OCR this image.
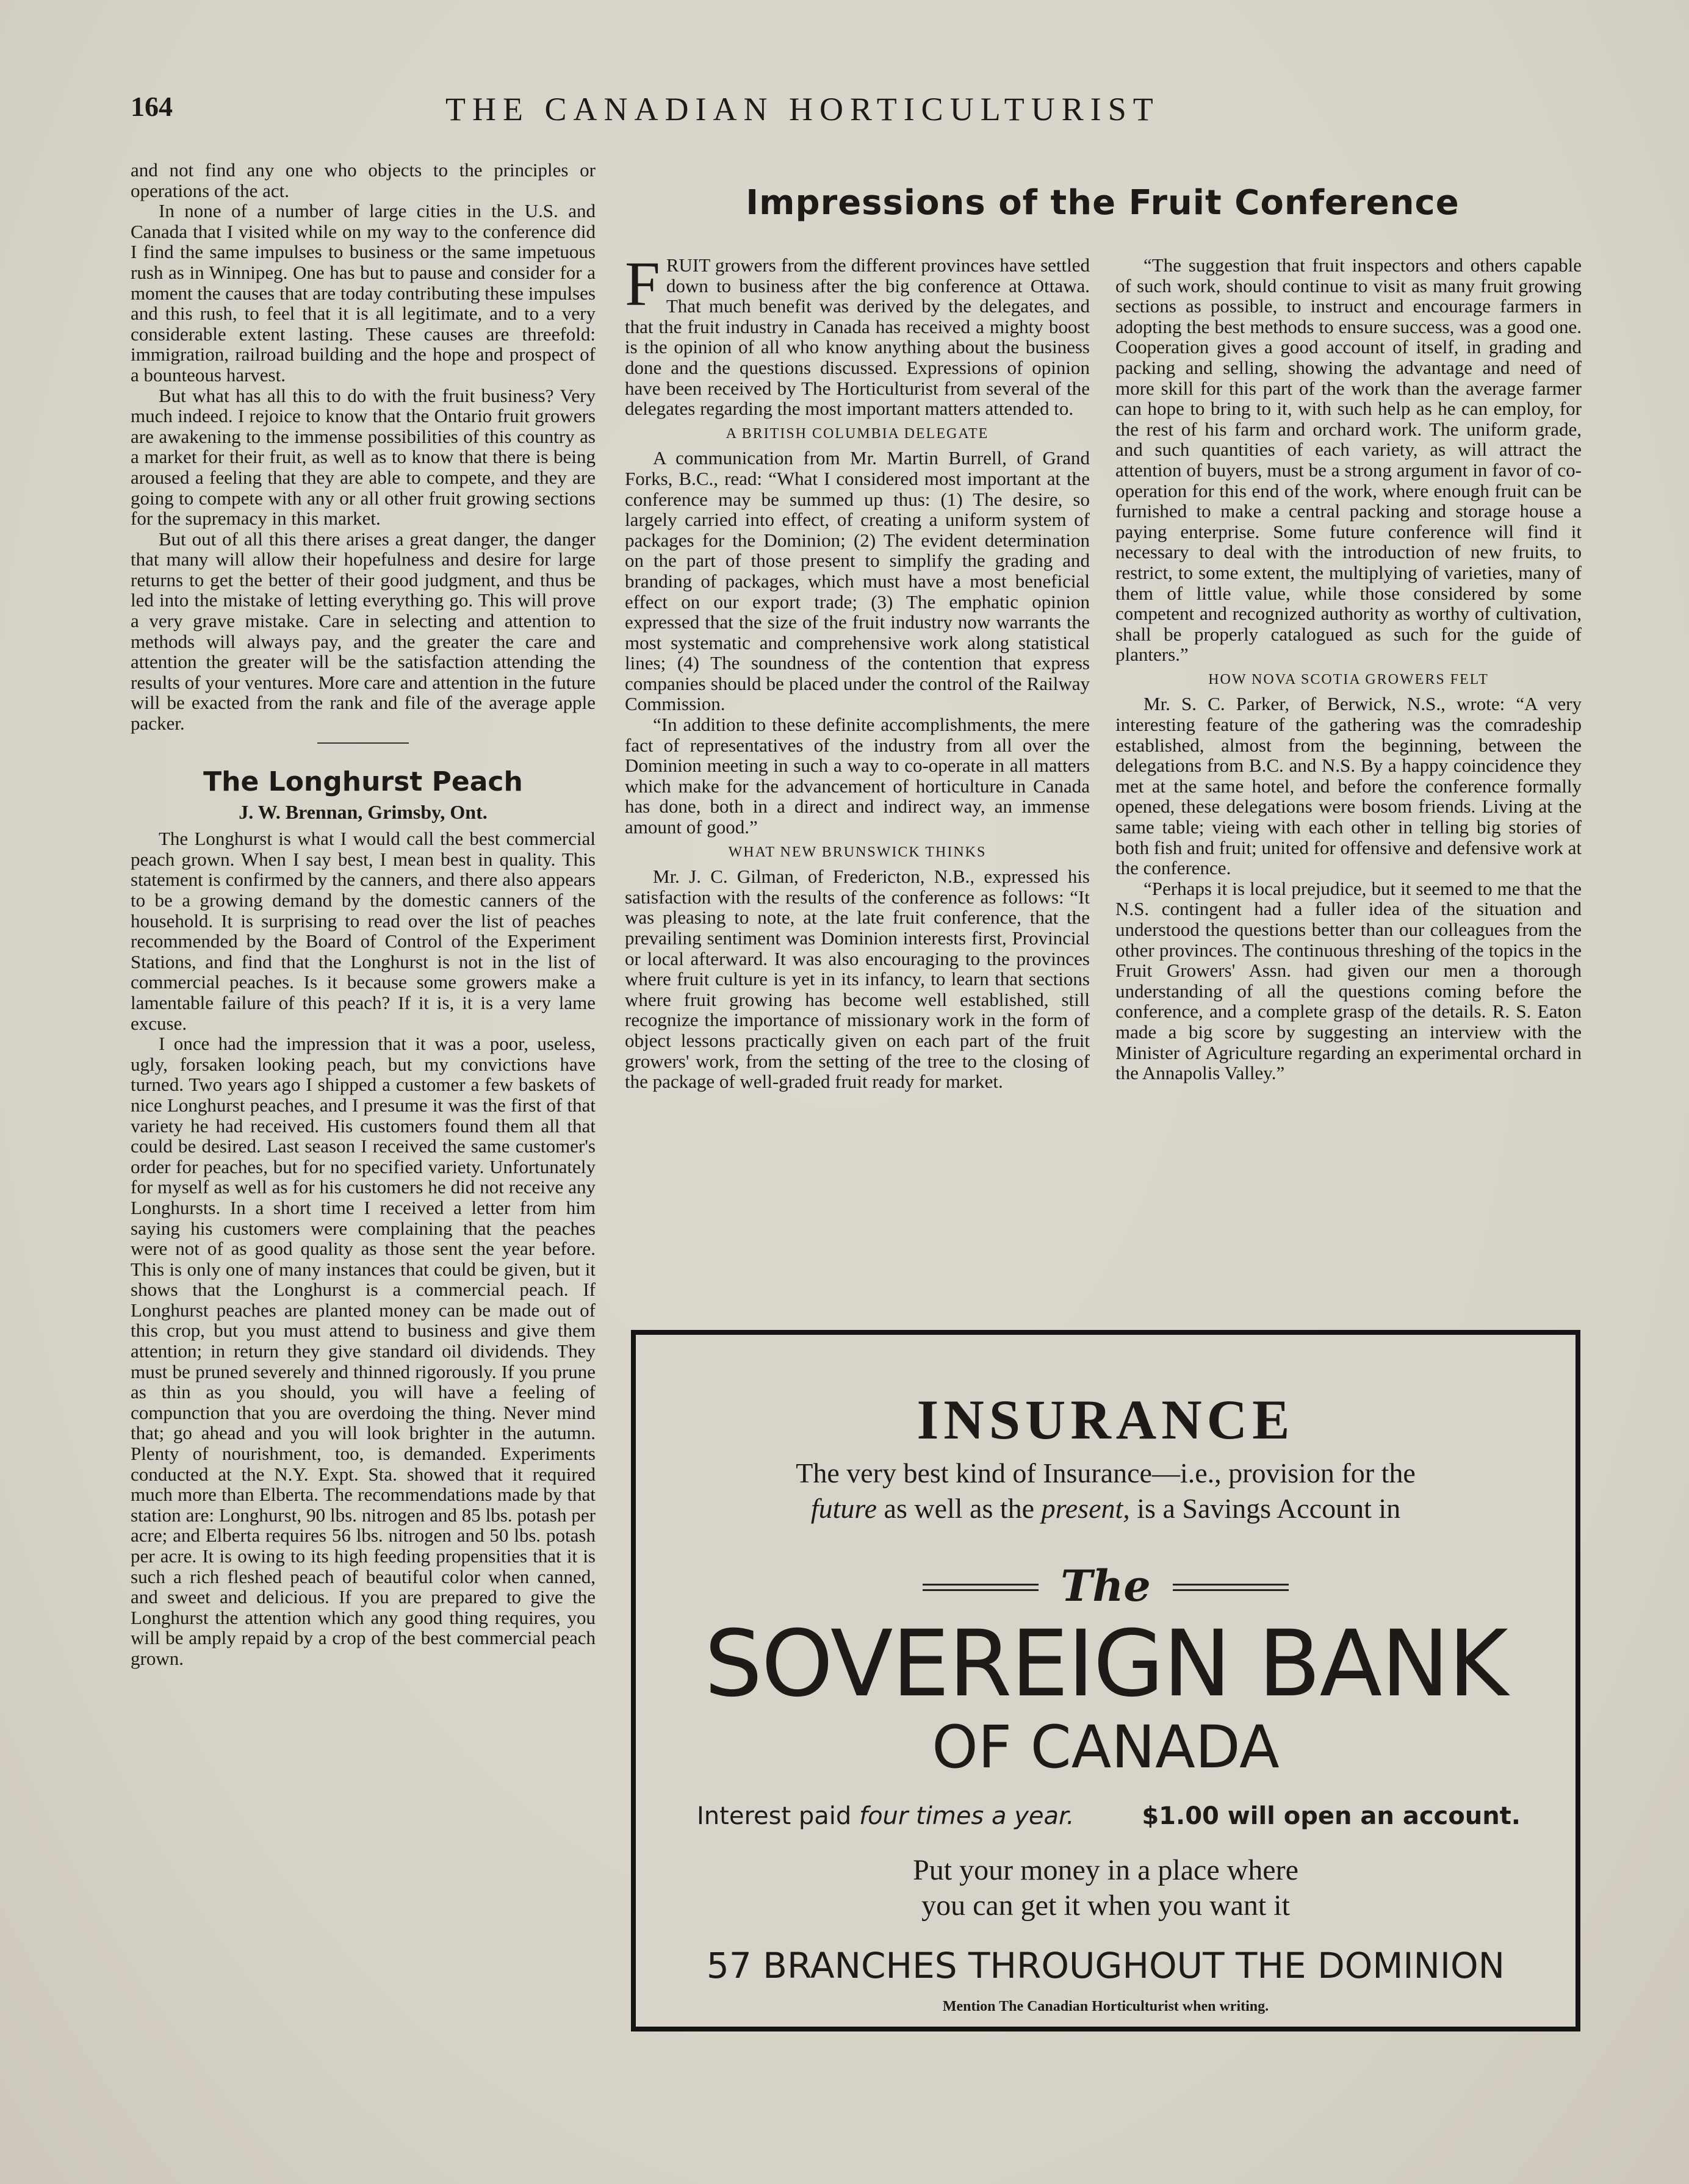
164	THE CANADIAN HORTICULTURIST

and not find any one who objects to the principles or operations of the act.

In none of a number of large cities in the U.S. and Canada that I visited while on my way to the conference did I find the same impulses to business or the same impetuous rush as in Winnipeg. One has but to pause and consider for a moment the causes that are today contributing these impulses and this rush, to feel that it is all legitimate, and to a very considerable extent lasting. These causes are threefold: immigration, railroad building and the hope and prospect of a bounteous harvest.

But what has all this to do with the fruit business? Very much indeed. I rejoice to know that the Ontario fruit growers are awakening to the immense possibilities of this country as a market for their fruit, as well as to know that there is being aroused a feeling that they are able to compete, and they are going to compete with any or all other fruit growing sections for the supremacy in this market.

But out of all this there arises a great danger, the danger that many will allow their hopefulness and desire for large returns to get the better of their good judgment, and thus be led into the mistake of letting everything go. This will prove a very grave mistake. Care in selecting and attention to methods will always pay, and the greater the care and attention the greater will be the satisfaction attending the results of your ventures. More care and attention in the future will be exacted from the rank and file of the average apple packer.

The Longhurst Peach
J. W. Brennan, Grimsby, Ont.

The Longhurst is what I would call the best commercial peach grown. When I say best, I mean best in quality. This statement is confirmed by the canners, and there also appears to be a growing demand by the domestic canners of the household. It is surprising to read over the list of peaches recommended by the Board of Control of the Experiment Stations, and find that the Longhurst is not in the list of commercial peaches. Is it because some growers make a lamentable failure of this peach? If it is, it is a very lame excuse.

I once had the impression that it was a poor, useless, ugly, forsaken looking peach, but my convictions have turned. Two years ago I shipped a customer a few baskets of nice Longhurst peaches, and I presume it was the first of that variety he had received. His customers found them all that could be desired. Last season I received the same customer's order for peaches, but for no specified variety. Unfortunately for myself as well as for his customers he did not receive any Longhursts. In a short time I received a letter from him saying his customers were complaining that the peaches were not of as good quality as those sent the year before. This is only one of many instances that could be given, but it shows that the Longhurst is a commercial peach. If Longhurst peaches are planted money can be made out of this crop, but you must attend to business and give them attention; in return they give standard oil dividends. They must be pruned severely and thinned rigorously. If you prune as thin as you should, you will have a feeling of compunction that you are overdoing the thing. Never mind that; go ahead and you will look brighter in the autumn. Plenty of nourishment, too, is demanded. Experiments conducted at the N.Y. Expt. Sta. showed that it required much more than Elberta. The recommendations made by that station are: Longhurst, 90 lbs. nitrogen and 85 lbs. potash per acre; and Elberta requires 56 lbs. nitrogen and 50 lbs. potash per acre. It is owing to its high feeding propensities that it is such a rich fleshed peach of beautiful color when canned, and sweet and delicious. If you are prepared to give the Longhurst the attention which any good thing requires, you will be amply repaid by a crop of the best commercial peach grown.

Impressions of the Fruit Conference

FRUIT growers from the different provinces have settled down to business after the big conference at Ottawa. That much benefit was derived by the delegates, and that the fruit industry in Canada has received a mighty boost is the opinion of all who know anything about the business done and the questions discussed. Expressions of opinion have been received by The Horticulturist from several of the delegates regarding the most important matters attended to.

A BRITISH COLUMBIA DELEGATE

A communication from Mr. Martin Burrell, of Grand Forks, B.C., read: “What I considered most important at the conference may be summed up thus: (1) The desire, so largely carried into effect, of creating a uniform system of packages for the Dominion; (2) The evident determination on the part of those present to simplify the grading and branding of packages, which must have a most beneficial effect on our export trade; (3) The emphatic opinion expressed that the size of the fruit industry now warrants the most systematic and comprehensive work along statistical lines; (4) The soundness of the contention that express companies should be placed under the control of the Railway Commission.

“In addition to these definite accomplishments, the mere fact of representatives of the industry from all over the Dominion meeting in such a way to co-operate in all matters which make for the advancement of horticulture in Canada has done, both in a direct and indirect way, an immense amount of good.”

WHAT NEW BRUNSWICK THINKS

Mr. J. C. Gilman, of Fredericton, N.B., expressed his satisfaction with the results of the conference as follows: “It was pleasing to note, at the late fruit conference, that the prevailing sentiment was Dominion interests first, Provincial or local afterward. It was also encouraging to the provinces where fruit culture is yet in its infancy, to learn that sections where fruit growing has become well established, still recognize the importance of missionary work in the form of object lessons practically given on each part of the fruit growers' work, from the setting of the tree to the closing of the package of well-graded fruit ready for market.

“The suggestion that fruit inspectors and others capable of such work, should continue to visit as many fruit growing sections as possible, to instruct and encourage farmers in adopting the best methods to ensure success, was a good one. Cooperation gives a good account of itself, in grading and packing and selling, showing the advantage and need of more skill for this part of the work than the average farmer can hope to bring to it, with such help as he can employ, for the rest of his farm and orchard work. The uniform grade, and such quantities of each variety, as will attract the attention of buyers, must be a strong argument in favor of co-operation for this end of the work, where enough fruit can be furnished to make a central packing and storage house a paying enterprise. Some future conference will find it necessary to deal with the introduction of new fruits, to restrict, to some extent, the multiplying of varieties, many of them of little value, while those considered by some competent and recognized authority as worthy of cultivation, shall be properly catalogued as such for the guide of planters.”

HOW NOVA SCOTIA GROWERS FELT

Mr. S. C. Parker, of Berwick, N.S., wrote: “A very interesting feature of the gathering was the comradeship established, almost from the beginning, between the delegations from B.C. and N.S. By a happy coincidence they met at the same hotel, and before the conference formally opened, these delegations were bosom friends. Living at the same table; vieing with each other in telling big stories of both fish and fruit; united for offensive and defensive work at the conference.

“Perhaps it is local prejudice, but it seemed to me that the N.S. contingent had a fuller idea of the situation and understood the questions better than our colleagues from the other provinces. The continuous threshing of the topics in the Fruit Growers' Assn. had given our men a thorough understanding of all the questions coming before the conference, and a complete grasp of the details. R. S. Eaton made a big score by suggesting an interview with the Minister of Agriculture regarding an experimental orchard in the Annapolis Valley.”

INSURANCE
The very best kind of Insurance—i.e., provision for the
future as well as the present, is a Savings Account in
The
SOVEREIGN BANK
OF CANADA
Interest paid four times a year.	$1.00 will open an account.
Put your money in a place where
you can get it when you want it
57 BRANCHES THROUGHOUT THE DOMINION
Mention The Canadian Horticulturist when writing.
